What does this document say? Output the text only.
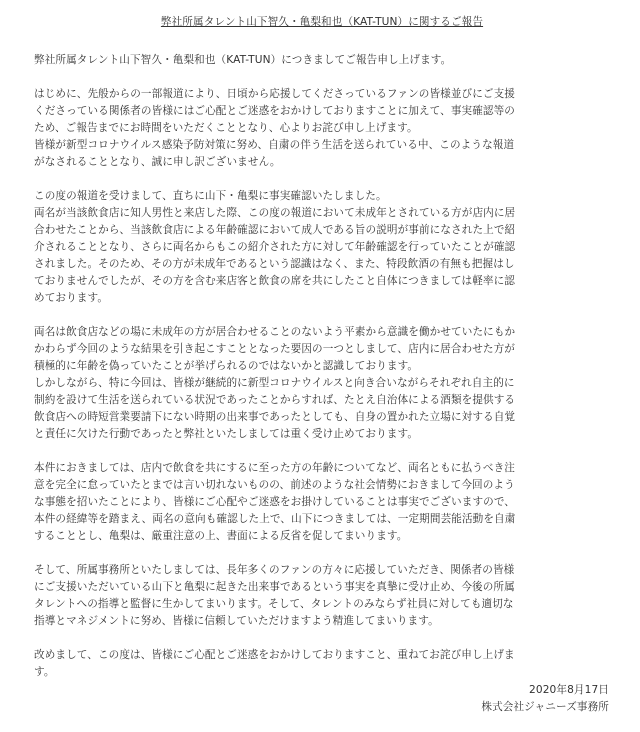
弊社所属タレント山下智久・亀梨和也（KAT-TUN）に関するご報告
弊社所属タレント山下智久・亀梨和也（KAT-TUN）につきましてご報告申し上げます。
はじめに、先般からの一部報道により、日頃から応援してくださっているファンの皆様並びにご支援
くださっている関係者の皆様にはご心配とご迷惑をおかけしておりますことに加えて、事実確認等の
ため、ご報告までにお時間をいただくこととなり、心よりお詫び申し上げます。
皆様が新型コロナウイルス感染予防対策に努め、自粛の伴う生活を送られている中、このような報道
がなされることとなり、誠に申し訳ございません。
この度の報道を受けまして、直ちに山下・亀梨に事実確認いたしました。
両名が当該飲食店に知人男性と来店した際、この度の報道において未成年とされている方が店内に居
合わせたことから、当該飲食店による年齢確認において成人である旨の説明が事前になされた上で紹
介されることとなり、さらに両名からもこの紹介された方に対して年齢確認を行っていたことが確認
されました。そのため、その方が未成年であるという認識はなく、また、特段飲酒の有無も把握はし
ておりませんでしたが、その方を含む来店客と飲食の席を共にしたこと自体につきましては軽率に認
めております。
両名は飲食店などの場に未成年の方が居合わせることのないよう平素から意識を働かせていたにもか
かわらず今回のような結果を引き起こすこととなった要因の一つとしまして、店内に居合わせた方が
積極的に年齢を偽っていたことが挙げられるのではないかと認識しております。
しかしながら、特に今回は、皆様が継続的に新型コロナウイルスと向き合いながらそれぞれ自主的に
制約を設けて生活を送られている状況であったことからすれば、たとえ自治体による酒類を提供する
飲食店への時短営業要請下にない時期の出来事であったとしても、自身の置かれた立場に対する自覚
と責任に欠けた行動であったと弊社といたしましては重く受け止めております。
本件におきましては、店内で飲食を共にするに至った方の年齢についてなど、両名ともに払うべき注
意を完全に怠っていたとまでは言い切れないものの、前述のような社会情勢におきまして今回のよう
な事態を招いたことにより、皆様にご心配やご迷惑をお掛けしていることは事実でございますので、
本件の経緯等を踏まえ、両名の意向も確認した上で、山下につきましては、一定期間芸能活動を自粛
することとし、亀梨は、厳重注意の上、書面による反省を促してまいります。
そして、所属事務所といたしましては、長年多くのファンの方々に応援していただき、関係者の皆様
にご支援いただいている山下と亀梨に起きた出来事であるという事実を真摯に受け止め、今後の所属
タレントへの指導と監督に生かしてまいります。そして、タレントのみならず社員に対しても適切な
指導とマネジメントに努め、皆様に信頼していただけますよう精進してまいります。
改めまして、この度は、皆様にご心配とご迷惑をおかけしておりますこと、重ねてお詫び申し上げま
す。
2020年8月17日
株式会社ジャニーズ事務所
